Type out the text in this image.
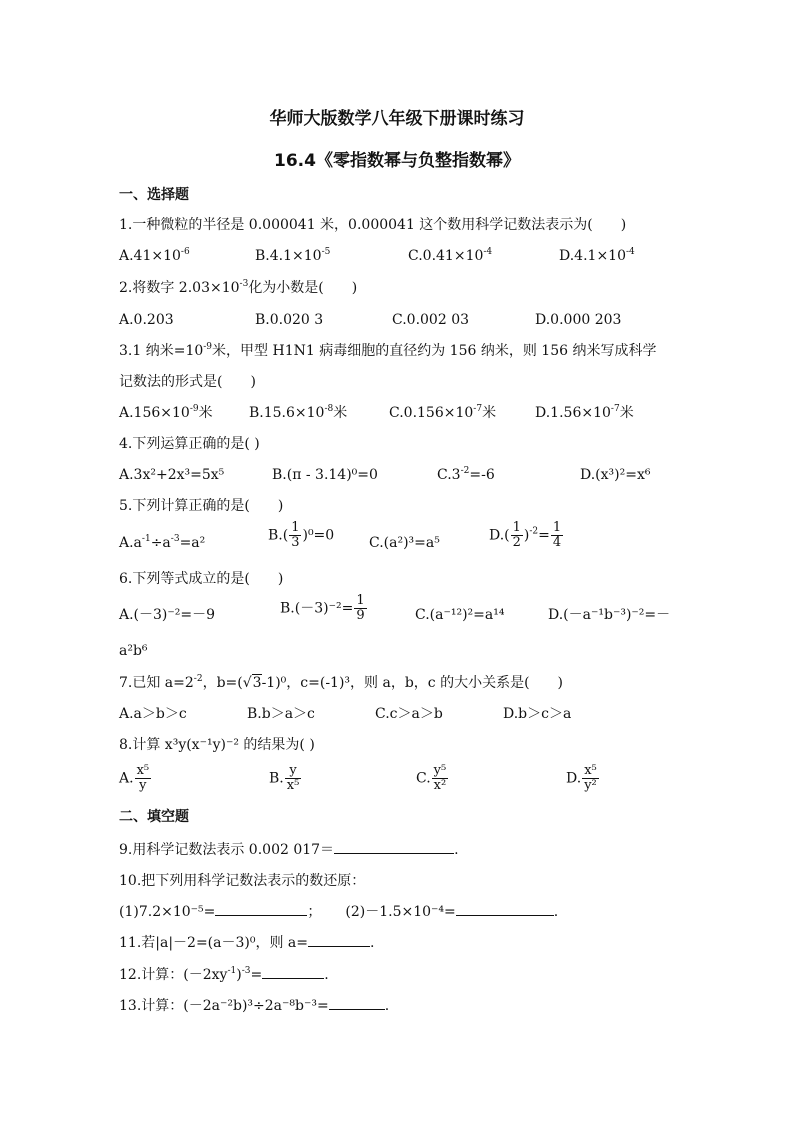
华师大版数学八年级下册课时练习
16.4《零指数幂与负整指数幂》
一、选择题
1.一种微粒的半径是 0.000041 米，0.000041 这个数用科学记数法表示为(　　)
$A.41\times 10^{-6}$	$B.4.1\times 10^{-5}$	$C.0.41\times 10^{-4}$	$D.4.1\times 10^{-4}$
2.将数字 $2.03\times 10^{-3}$化为小数是(　　)
A.0.203	B.0.020 3	C.0.002 03	D.0.000 203
3.1 纳米$=10^{-9}$米，甲型 H1N1 病毒细胞的直径约为 156 纳米，则 156 纳米写成科学
记数法的形式是(　　)
$A.156\times 10^{-9}$米	$B.15.6\times 10^{-8}$米	$C.0.156\times 10^{-7}$米	$D.1.56\times 10^{-7}$米
4.下列运算正确的是( )
A.3x²+2x³=5x⁵	B.(π - 3.14)⁰=0	$C.3^{-2}=-6$	D.(x³)²=x⁶
5.下列计算正确的是(　　)
$A.a^{-1}\div a^{-3}=a^2$	$B.( \frac{1}{3} )^0=0$ C.(a²)³=a⁵	$D.( \frac{1}{2} )^{-2}= \frac{1}{4}$
6.下列等式成立的是(　　)
A.(－3)⁻²=－9	$B.(-3)^{-2}= \frac{1}{9}$	C.(a⁻¹²)²=a¹⁴	D.(－a⁻¹b⁻³)⁻²=－
a²b⁶
7.已知 $a=2^{-2}$，b=(√3-1)⁰，c=(-1)³，则 a，b，c 的大小关系是(　　)
A.a＞b＞c	B.b＞a＞c	C.c＞a＞b	D.b＞c＞a
8.计算 x³y(x⁻¹y)⁻² 的结果为( )
A. $\frac{\text{x⁵}}{y}$	B. $\frac{y}{\text{x⁵}}$	C. $\frac{\text{y⁵}}{\text{x²}}$	D. $\frac{\text{x⁵}}{\text{y²}}$
二、填空题
9.用科学记数法表示 0.002 017＝	.
10.把下列用科学记数法表示的数还原：
(1)7.2×10⁻⁵=	； (2)－1.5×10⁻⁴=	.
11.若|a|－2=(a－3)⁰，则 a=	.
12.计算：$(-2xy^{-1})^{-3}=$	.
13.计算：(－2a⁻²b)³÷2a⁻⁸b⁻³=	.
